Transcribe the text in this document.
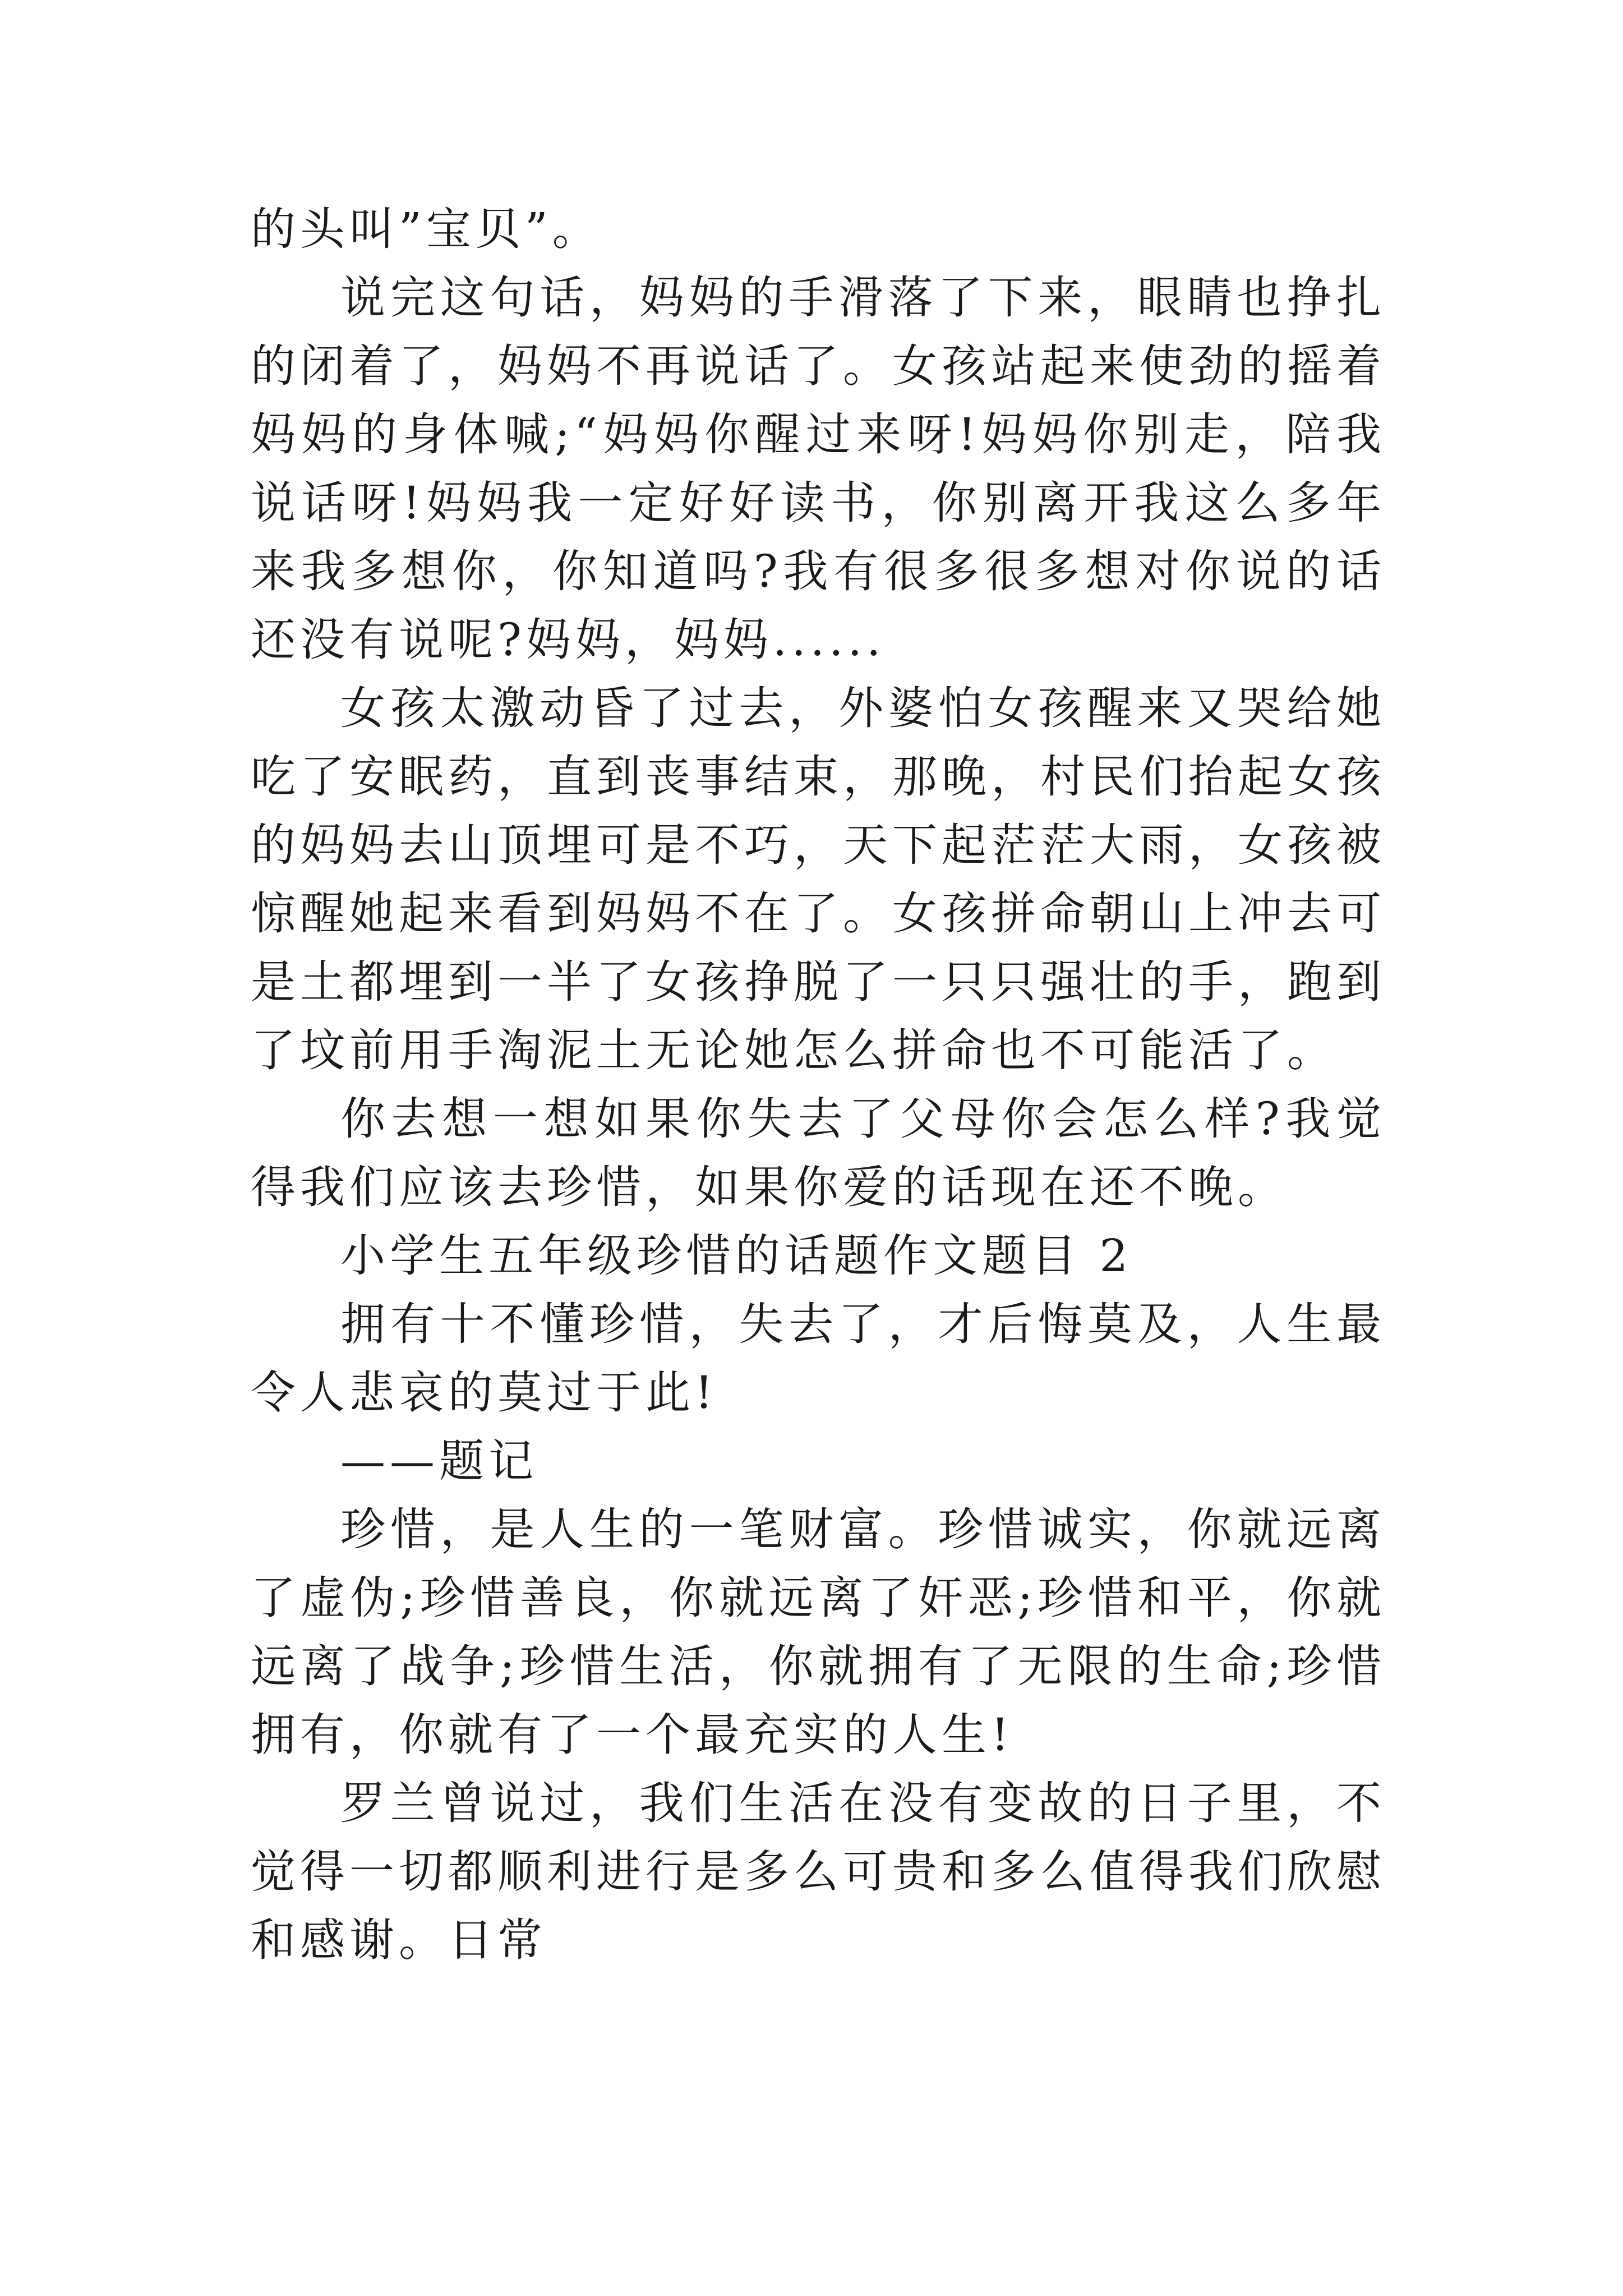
的头叫”宝贝”。

说完这句话，妈妈的手滑落了下来，眼睛也挣扎的闭着了，妈妈不再说话了。女孩站起来使劲的摇着妈妈的身体喊;“妈妈你醒过来呀!妈妈你别走，陪我说话呀!妈妈我一定好好读书，你别离开我这么多年来我多想你，你知道吗?我有很多很多想对你说的话还没有说呢?妈妈，妈妈......

女孩太激动昏了过去，外婆怕女孩醒来又哭给她吃了安眠药，直到丧事结束，那晚，村民们抬起女孩的妈妈去山顶埋可是不巧，天下起茫茫大雨，女孩被惊醒她起来看到妈妈不在了。女孩拼命朝山上冲去可是土都埋到一半了女孩挣脱了一只只强壮的手，跑到了坟前用手淘泥土无论她怎么拼命也不可能活了。

你去想一想如果你失去了父母你会怎么样?我觉得我们应该去珍惜，如果你爱的话现在还不晚。

小学生五年级珍惜的话题作文题目 2

拥有十不懂珍惜，失去了，才后悔莫及，人生最令人悲哀的莫过于此!

——题记

珍惜，是人生的一笔财富。珍惜诚实，你就远离了虚伪;珍惜善良，你就远离了奸恶;珍惜和平，你就远离了战争;珍惜生活，你就拥有了无限的生命;珍惜拥有，你就有了一个最充实的人生!

罗兰曾说过，我们生活在没有变故的日子里，不觉得一切都顺利进行是多么可贵和多么值得我们欣慰和感谢。日常
